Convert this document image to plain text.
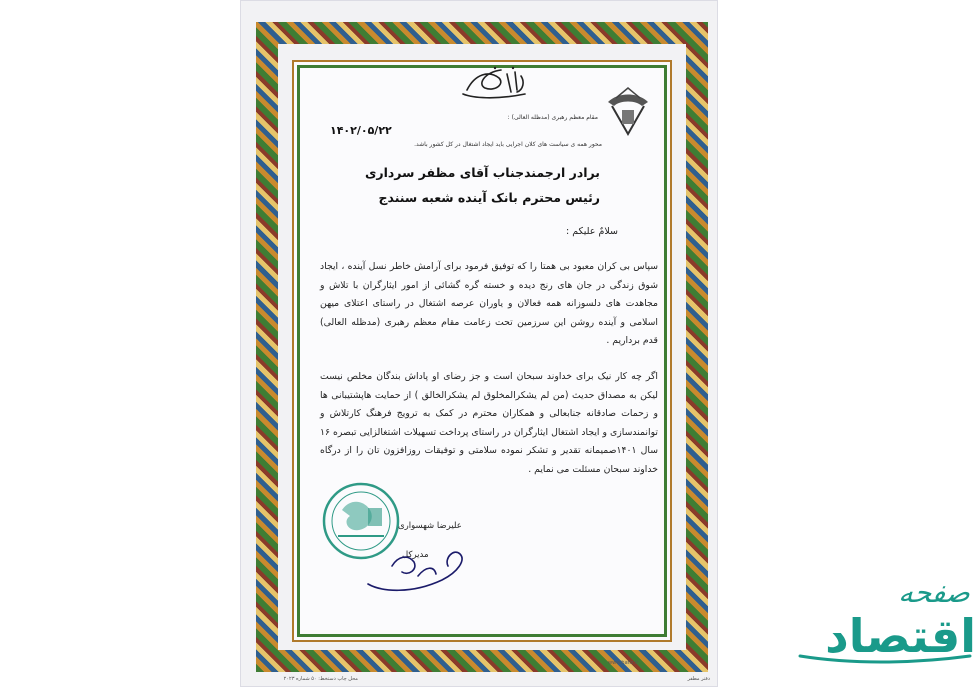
مقام معظم رهبری (مدظله العالی) :
محور همه ی سیاست های کلان اجرایی باید ایجاد اشتغال در کل کشور باشد.
۱۴۰۲/۰۵/۲۲
برادر ارجمندجناب آقای مظفر سرداری
رئیس محترم بانک آینده شعبه سنندج
سلامٌ علیکم :
سپاس بی کران معبود بی همتا را که توفیق فرمود برای آرامش خاطر نسل آینده ، ایجاد شوق زندگی در جان های رنج دیده و خسته گره گشائی از امور ایثارگران با تلاش و مجاهدت های دلسوزانه همه فعالان و یاوران عرصه اشتغال در راستای اعتلای میهن اسلامی و آینده روشن این سرزمین تحت زعامت مقام معظم رهبری (مدظله العالی) قدم برداریم .
اگر چه کار نیک برای خداوند سبحان است و جز رضای او پاداش بندگان مخلص نیست لیکن به مصداق حدیث (من لم یشکرالمخلوق لم یشکرالخالق ) از حمایت هاپشتیبانی ها و زحمات صادقانه جنابعالی و همکاران محترم در کمک به ترویج فرهنگ کارتلاش و توانمندسازی و ایجاد اشتغال ایثارگران در راستای پرداخت تسهیلات اشتغالزایی تبصره ۱۶ سال ۱۴۰۱صمیمانه تقدیر و تشکر نموده سلامتی و توفیقات روزافزون تان را از درگاه خداوند سبحان مسئلت می نمایم .
علیرضا شهسواری
مدیرکل
www.hafiz.ir
محل چاپ دستخط: ۵۰ شماره ۲۰۲۳	دفتر مطفر
صفحه
اقتصاد
